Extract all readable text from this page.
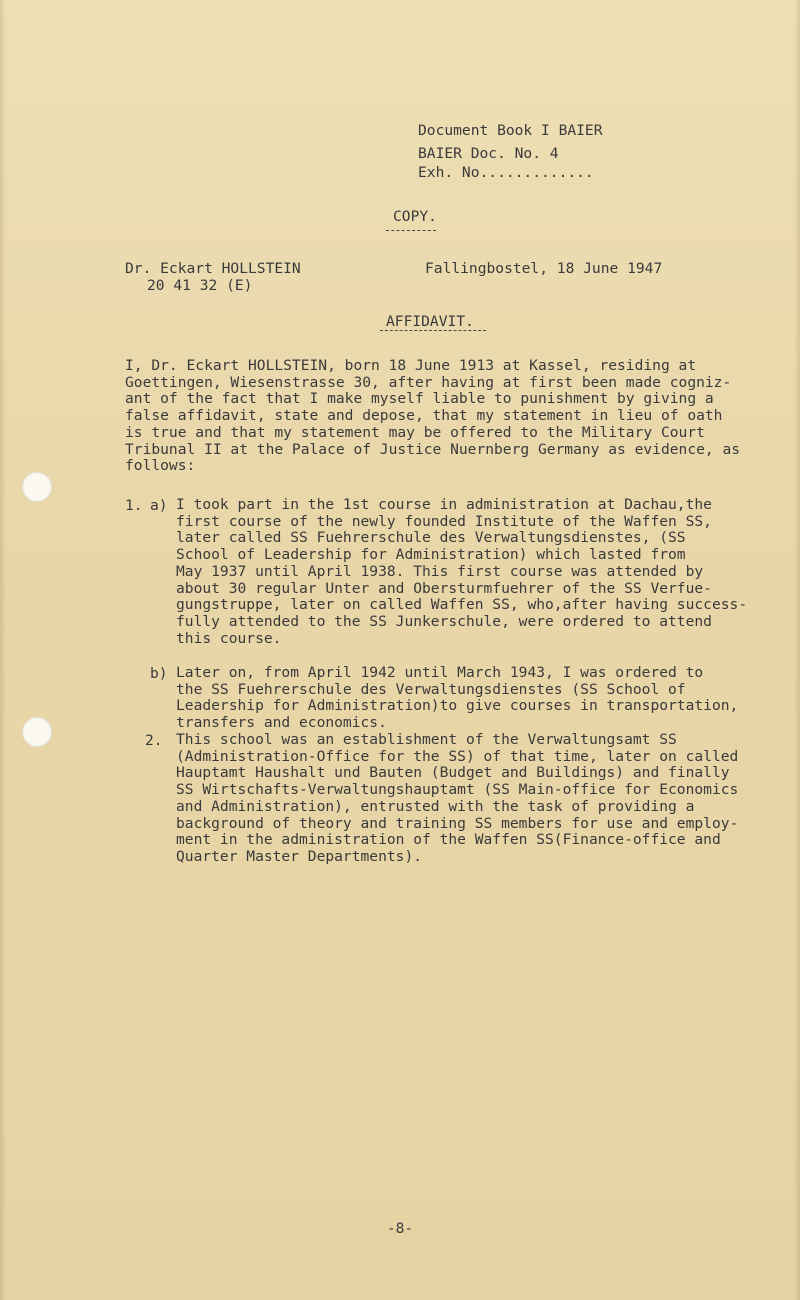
Document Book I BAIER
BAIER Doc. No. 4
Exh. No.............
COPY.
Dr. Eckart HOLLSTEIN
20 41 32 (E)
Fallingbostel, 18 June 1947
AFFIDAVIT.
I, Dr. Eckart HOLLSTEIN, born 18 June 1913 at Kassel, residing at
Goettingen, Wiesenstrasse 30, after having at first been made cogniz-
ant of the fact that I make myself liable to punishment by giving a
false affidavit, state and depose, that my statement in lieu of oath
is true and that my statement may be offered to the Military Court
Tribunal II at the Palace of Justice Nuernberg Germany as evidence, as
follows:
1. a) I took part in the 1st course in administration at Dachau,the
first course of the newly founded Institute of the Waffen SS,
later called SS Fuehrerschule des Verwaltungsdienstes, (SS
School of Leadership for Administration) which lasted from
May 1937 until April 1938. This first course was attended by
about 30 regular Unter and Obersturmfuehrer of the SS Verfue-
gungstruppe, later on called Waffen SS, who,after having success-
fully attended to the SS Junkerschule, were ordered to attend
this course.
b) Later on, from April 1942 until March 1943, I was ordered to
the SS Fuehrerschule des Verwaltungsdienstes (SS School of
Leadership for Administration)to give courses in transportation,
transfers and economics.
2. This school was an establishment of the Verwaltungsamt SS
(Administration-Office for the SS) of that time, later on called
Hauptamt Haushalt und Bauten (Budget and Buildings) and finally
SS Wirtschafts-Verwaltungshauptamt (SS Main-office for Economics
and Administration), entrusted with the task of providing a
background of theory and training SS members for use and employ-
ment in the administration of the Waffen SS(Finance-office and
Quarter Master Departments).
-8-
